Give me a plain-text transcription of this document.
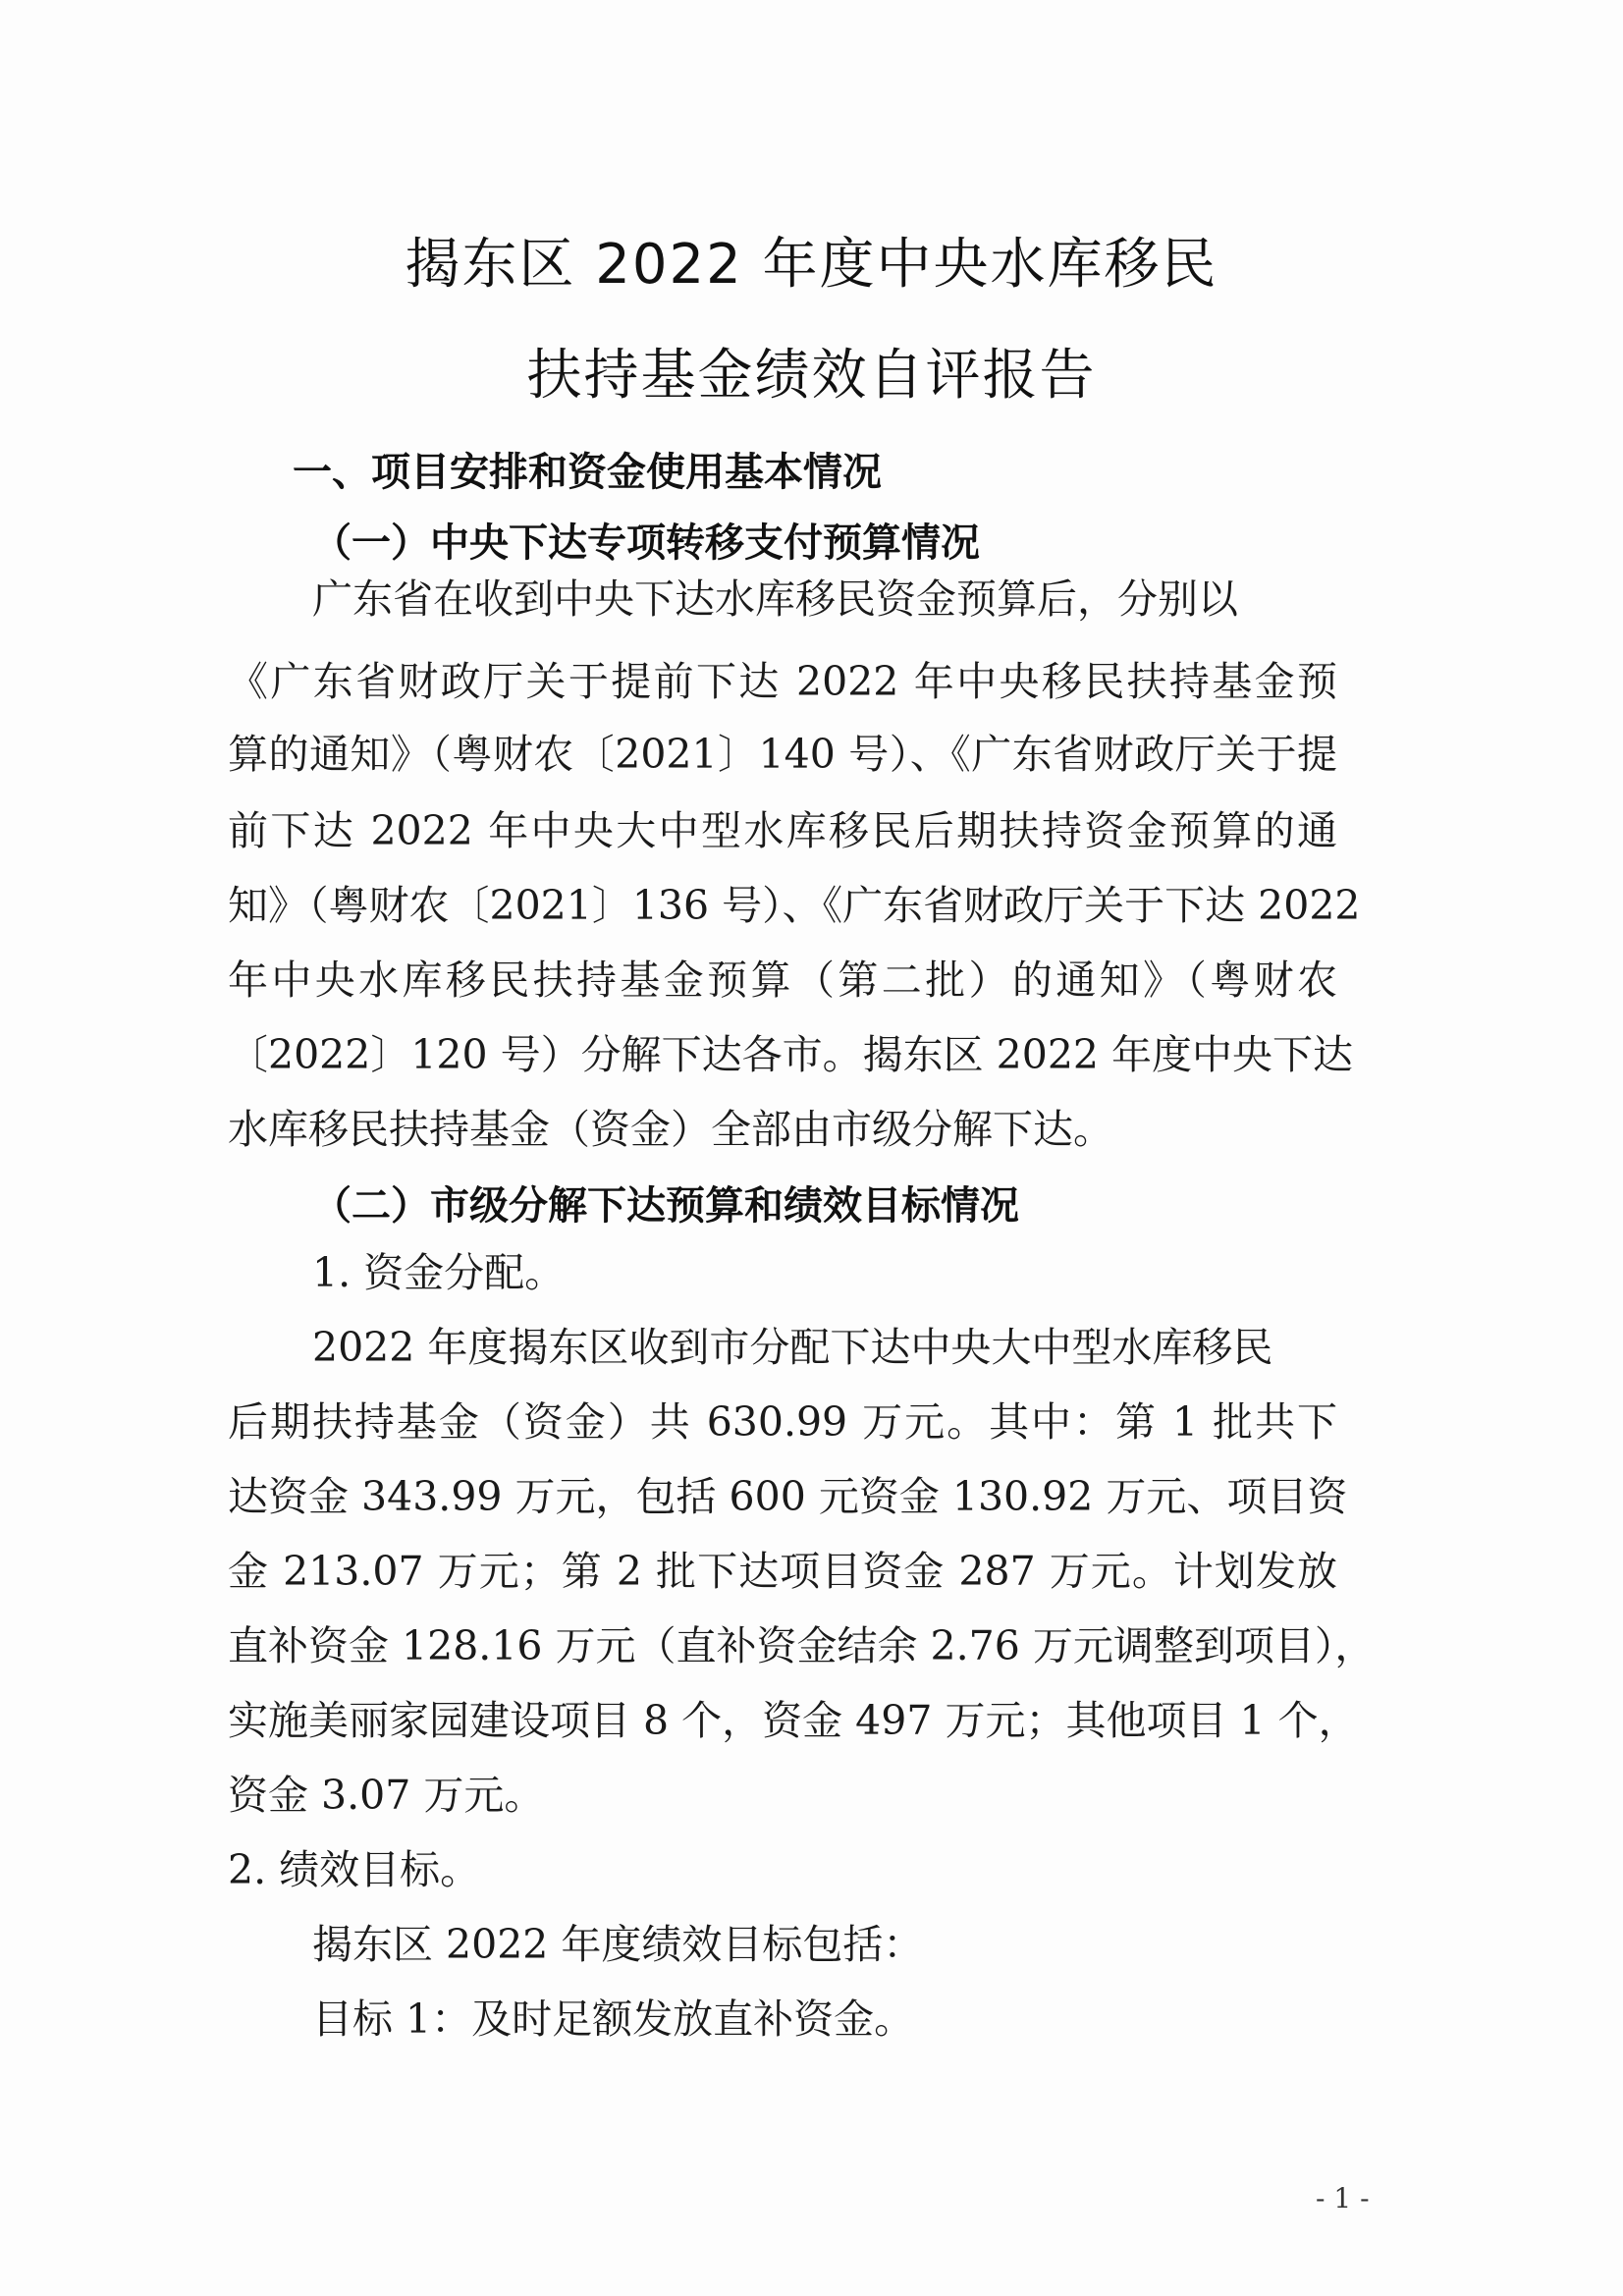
揭东区 2022 年度中央水库移民
扶持基金绩效自评报告
一、项目安排和资金使用基本情况
（一）中央下达专项转移支付预算情况
广东省在收到中央下达水库移民资金预算后，分别以
《广东省财政厅关于提前下达 2022 年中央移民扶持基金预
算的通知》（粤财农〔2021〕140 号）、《广东省财政厅关于提
前下达 2022 年中央大中型水库移民后期扶持资金预算的通
知》（粤财农〔2021〕136 号）、《广东省财政厅关于下达 2022
年中央水库移民扶持基金预算（第二批）的通知》（粤财农
〔2022〕120 号）分解下达各市。揭东区 2022 年度中央下达
水库移民扶持基金（资金）全部由市级分解下达。
（二）市级分解下达预算和绩效目标情况
1. 资金分配。
2022 年度揭东区收到市分配下达中央大中型水库移民
后期扶持基金（资金）共 630.99 万元。其中：第 1 批共下
达资金 343.99 万元，包括 600 元资金 130.92 万元、项目资
金 213.07 万元；第 2 批下达项目资金 287 万元。计划发放
直补资金 128.16 万元（直补资金结余 2.76 万元调整到项目），
实施美丽家园建设项目 8 个，资金 497 万元；其他项目 1 个，
资金 3.07 万元。
2. 绩效目标。
揭东区 2022 年度绩效目标包括：
目标 1：及时足额发放直补资金。
- 1 -
